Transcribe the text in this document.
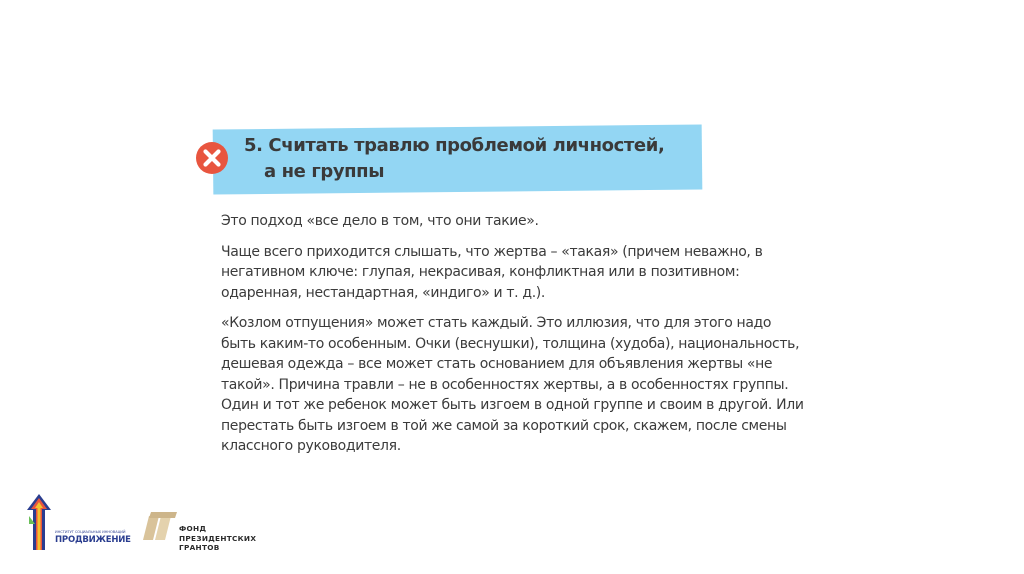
5. Считать травлю проблемой личностей,
а не группы

Это подход «все дело в том, что они такие».

Чаще всего приходится слышать, что жертва – «такая» (причем неважно, в негативном ключе: глупая, некрасивая, конфликтная или в позитивном: одаренная, нестандартная, «индиго» и т. д.).

«Козлом отпущения» может стать каждый. Это иллюзия, что для этого надо быть каким-то особенным. Очки (веснушки), толщина (худоба), национальность, дешевая одежда – все может стать основанием для объявления жертвы «не такой». Причина травли – не в особенностях жертвы, а в особенностях группы. Один и тот же ребенок может быть изгоем в одной группе и своим в другой. Или перестать быть изгоем в той же самой за короткий срок, скажем, после смены классного руководителя.

ИНСТИТУТ СОЦИАЛЬНЫХ ИННОВАЦИЙ
ПРОДВИЖЕНИЕ
ФОНД
ПРЕЗИДЕНТСКИХ
ГРАНТОВ
